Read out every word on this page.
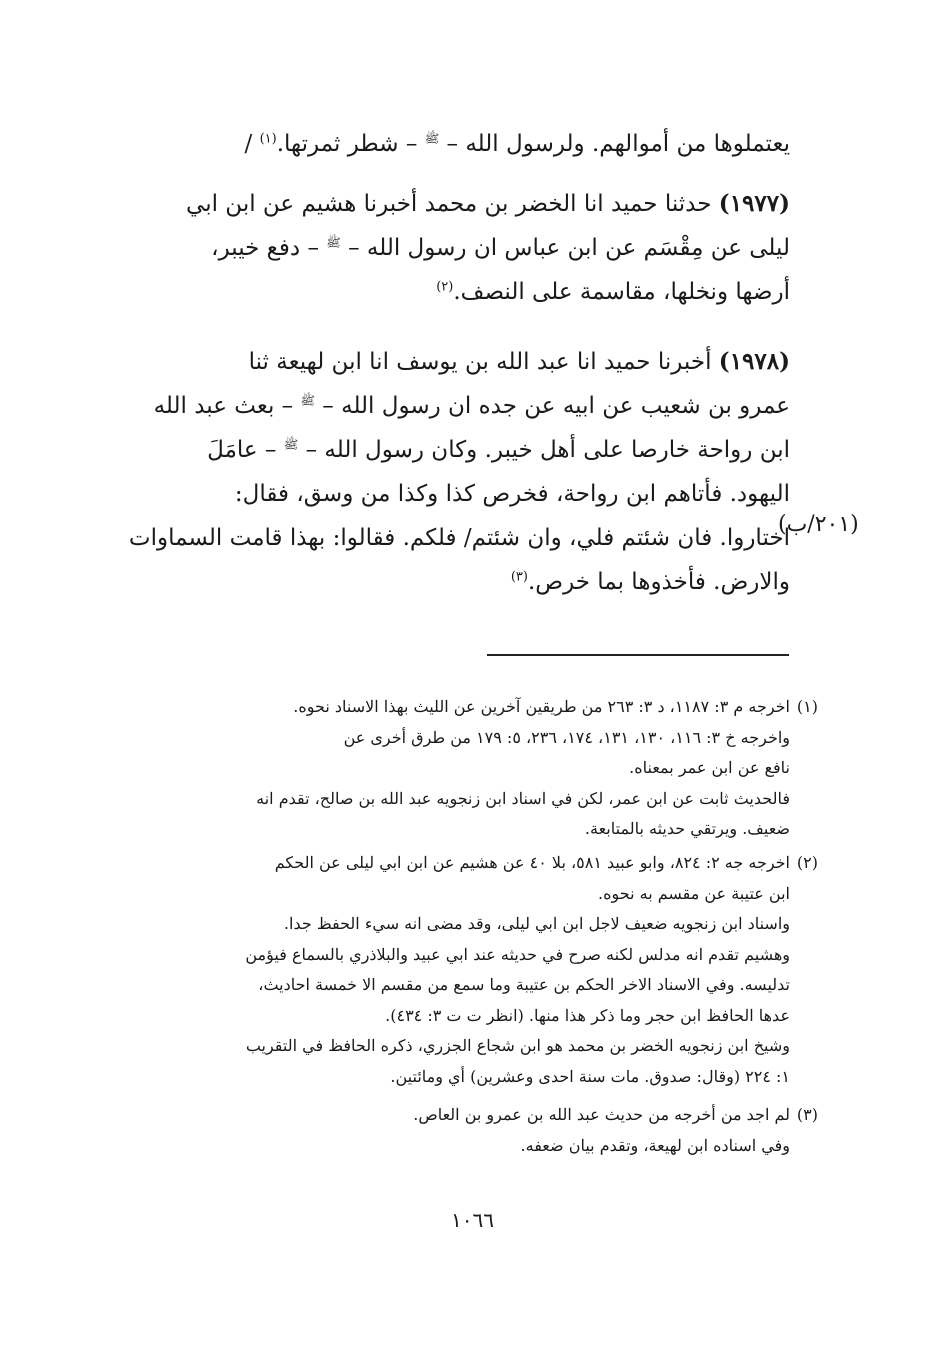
يعتملوها من أموالهم. ولرسول الله – $^ﷺ$ – شطر ثمرتها.$^{(١)}$ /
(١٩٧٧) حدثنا حميد انا الخضر بن محمد أخبرنا هشيم عن ابن ابي
ليلى عن مِقْسَم عن ابن عباس ان رسول الله – $^ﷺ$ – دفع خيبر،
أرضها ونخلها، مقاسمة على النصف.$^{(٢)}$
(١٩٧٨) أخبرنا حميد انا عبد الله بن يوسف انا ابن لهيعة ثنا
عمرو بن شعيب عن ابيه عن جده ان رسول الله – $^ﷺ$ – بعث عبد الله
ابن رواحة خارصا على أهل خيبر. وكان رسول الله – $^ﷺ$ – عامَلَ
اليهود. فأتاهم ابن رواحة، فخرص كذا وكذا من وسق، فقال:
اختاروا. فان شئتم فلي، وان شئتم/ فلكم. فقالوا: بهذا قامت السماوات
والارض. فأخذوها بما خرص.$^{(٣)}$
(٢٠١/ب)
(١)
اخرجه م ٣: ١١٨٧، د ٣: ٢٦٣ من طريقين آخرين عن الليث بهذا الاسناد نحوه.
واخرجه خ ٣: ١١٦، ١٣٠، ١٣١، ١٧٤، ٢٣٦، ٥: ١٧٩ من طرق أخرى عن
نافع عن ابن عمر بمعناه.
فالحديث ثابت عن ابن عمر، لكن في اسناد ابن زنجويه عبد الله بن صالح، تقدم انه
ضعيف. ويرتقي حديثه بالمتابعة.
(٢)
اخرجه جه ٢: ٨٢٤، وابو عبيد ٥٨١، بلا ٤٠ عن هشيم عن ابن ابي ليلى عن الحكم
ابن عتيبة عن مقسم به نحوه.
واسناد ابن زنجويه ضعيف لاجل ابن ابي ليلى، وقد مضى انه سيء الحفظ جدا.
وهشيم تقدم انه مدلس لكنه صرح في حديثه عند ابي عبيد والبلاذري بالسماع فيؤمن
تدليسه. وفي الاسناد الاخر الحكم بن عتيبة وما سمع من مقسم الا خمسة احاديث،
عدها الحافظ ابن حجر وما ذكر هذا منها. (انظر ت ت ٣: ٤٣٤).
وشيخ ابن زنجويه الخضر بن محمد هو ابن شجاع الجزري، ذكره الحافظ في التقريب
١: ٢٢٤ (وقال: صدوق. مات سنة احدى وعشرين) أي ومائتين.
(٣)
لم اجد من أخرجه من حديث عبد الله بن عمرو بن العاص.
وفي اسناده ابن لهيعة، وتقدم بيان ضعفه.
١٠٦٦
